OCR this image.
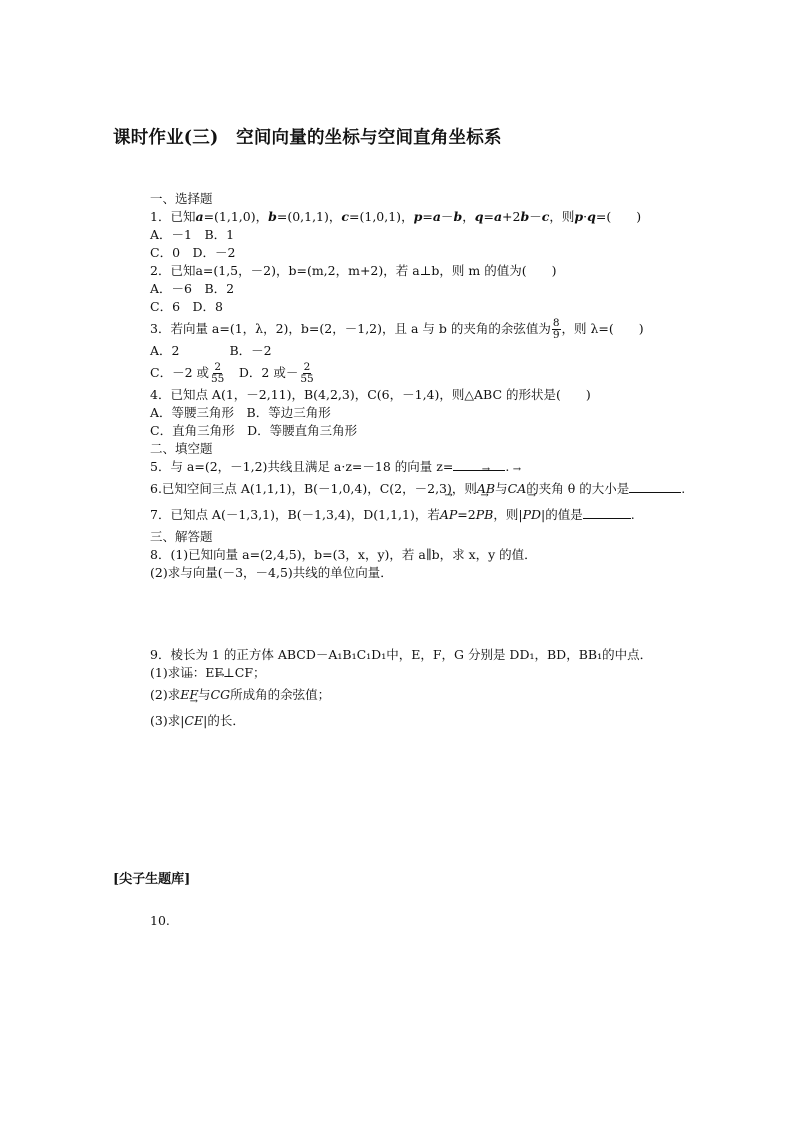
课时作业(三)　空间向量的坐标与空间直角坐标系
一、选择题
1．已知a=(1,1,0)，b=(0,1,1)，c=(1,0,1)，p=a－b，q=a+2b－c，则p·q=(　　)
A．－1　B．1
C．0　D．－2
2．已知a=(1,5，－2)，b=(m,2，m+2)，若 a⊥b，则 m 的值为(　　)
A．－6　B．2
C．6　D．8
3．若向量 a=(1，λ，2)，b=(2，－1,2)，且 a 与 b 的夹角的余弦值为 $\frac{8}{9}$ ，则 λ=(　　)
A．2　　　　B．－2
C．－2 或 $\frac{2}{55}$ 　D．2 或－ $\frac{2}{55}$
4．已知点 A(1，－2,11)，B(4,2,3)，C(6，－1,4)，则△ABC 的形状是(　　)
A．等腰三角形　B．等边三角形
C．直角三角形　D．等腰直角三角形
二、填空题
5．与 a=(2，－1,2)共线且满足 a·z=－18 的向量 z=	.
6.已知空间三点 A(1,1,1)，B(－1,0,4)，C(2，－2,3)，则→ AB与→ CA的夹角 θ 的大小是	.
7．已知点 A(－1,3,1)，B(－1,3,4)，D(1,1,1)，若→ AP=2→ PB，则|→ PD|的值是	.
三、解答题
8．(1)已知向量 a=(2,4,5)，b=(3，x，y)，若 a∥b，求 x，y 的值．
(2)求与向量(－3，－4,5)共线的单位向量．
9．棱长为 1 的正方体 ABCD－A₁B₁C₁D₁中，E，F，G 分别是 DD₁，BD，BB₁的中点．
(1)求证：EF⊥CF；
(2)求→ EF与→ CG所成角的余弦值；
(3)求|→ CE|的长．
[尖子生题库]
10.
